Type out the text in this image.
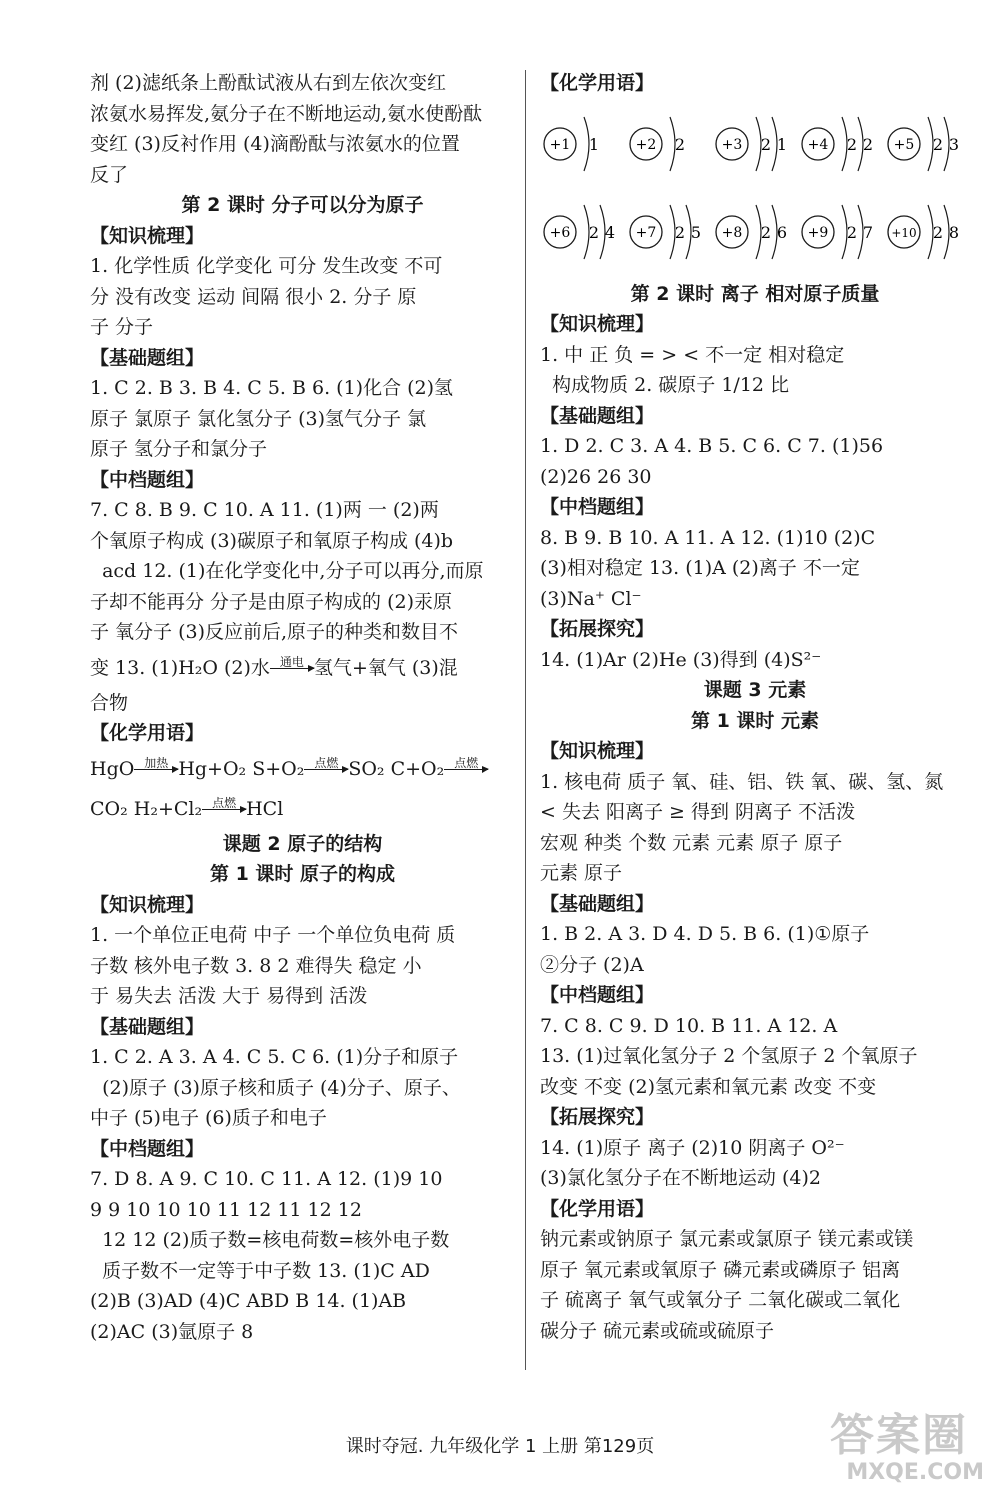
剂 (2)滤纸条上酚酞试液从右到左依次变红

浓氨水易挥发,氨分子在不断地运动,氨水使酚酞

变红 (3)反衬作用 (4)滴酚酞与浓氨水的位置

反了

第 2 课时 分子可以分为原子

【知识梳理】

1. 化学性质 化学变化 可分 发生改变 不可

分 没有改变 运动 间隔 很小 2. 分子 原

子 分子

【基础题组】

1. C 2. B 3. B 4. C 5. B 6. (1)化合 (2)氢

原子 氯原子 氯化氢分子 (3)氢气分子 氯

原子 氢分子和氯分子

【中档题组】

7. C 8. B 9. C 10. A 11. (1)两 一 (2)两

个氧原子构成 (3)碳原子和氧原子构成 (4)b

acd 12. (1)在化学变化中,分子可以再分,而原

子却不能再分 分子是由原子构成的 (2)汞原

子 氧分子 (3)反应前后,原子的种类和数目不

变 13. (1)H₂O (2)水 通电
氢气+氧气 (3)混

合物

【化学用语】

HgO 加热
Hg+O₂ S+O₂ 点燃
SO₂ C+O₂ 点燃

CO₂ H₂+Cl₂ 点燃
HCl

课题 2 原子的结构

第 1 课时 原子的构成

【知识梳理】

1. 一个单位正电荷 中子 一个单位负电荷 质

子数 核外电子数 3. 8 2 难得失 稳定 小

于 易失去 活泼 大于 易得到 活泼

【基础题组】

1. C 2. A 3. A 4. C 5. C 6. (1)分子和原子

(2)原子 (3)原子核和质子 (4)分子、原子、

中子 (5)电子 (6)质子和电子

【中档题组】

7. D 8. A 9. C 10. C 11. A 12. (1)9 10

9 9 10 10 10 11 12 11 12 12

12 12 (2)质子数=核电荷数=核外电子数

质子数不一定等于中子数 13. (1)C AD

(2)B (3)AD (4)C ABD B 14. (1)AB

(2)AC (3)氩原子 8

【化学用语】

+1 1	+2 2	+3 2 1 +4 2 2 +5 2 3
+6 2 4 +7 2 5 +8 2 6 +9 2 7 +10 2 8

第 2 课时 离子 相对原子质量

【知识梳理】

1. 中 正 负 = > < 不一定 相对稳定

构成物质 2. 碳原子 1/12 比

【基础题组】

1. D 2. C 3. A 4. B 5. C 6. C 7. (1)56

(2)26 26 30

【中档题组】

8. B 9. B 10. A 11. A 12. (1)10 (2)C

(3)相对稳定 13. (1)A (2)离子 不一定

(3)Na⁺ Cl⁻

【拓展探究】

14. (1)Ar (2)He (3)得到 (4)S²⁻

课题 3 元素

第 1 课时 元素

【知识梳理】

1. 核电荷 质子 氧、硅、铝、铁 氧、碳、氢、氮

< 失去 阳离子 ≥ 得到 阴离子 不活泼

宏观 种类 个数 元素 元素 原子 原子

元素 原子

【基础题组】

1. B 2. A 3. D 4. D 5. B 6. (1)①原子

②分子 (2)A

【中档题组】

7. C 8. C 9. D 10. B 11. A 12. A

13. (1)过氧化氢分子 2 个氢原子 2 个氧原子

改变 不变 (2)氢元素和氧元素 改变 不变

【拓展探究】

14. (1)原子 离子 (2)10 阴离子 O²⁻

(3)氯化氢分子在不断地运动 (4)2

【化学用语】

钠元素或钠原子 氯元素或氯原子 镁元素或镁

原子 氧元素或氧原子 磷元素或磷原子 铝离

子 硫离子 氧气或氧分子 二氧化碳或二氧化

碳分子 硫元素或硫或硫原子

课时夺冠. 九年级化学 1 上册 第129页	答案圈
MXQE.COM
